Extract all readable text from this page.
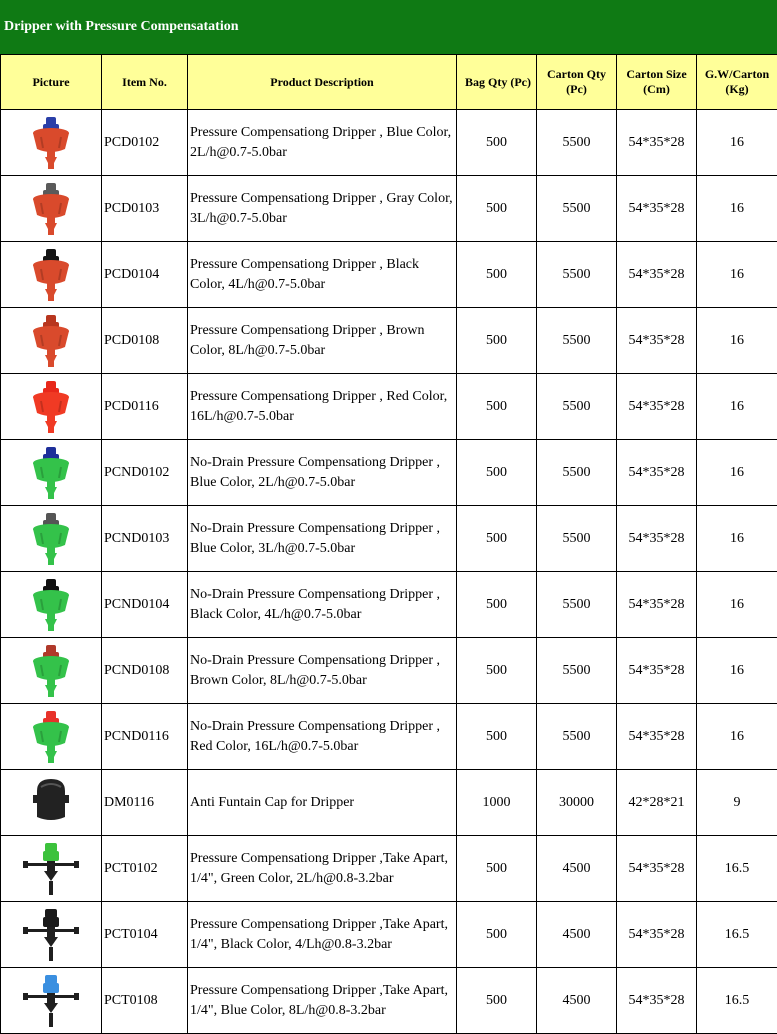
Dripper with Pressure Compensatation
Picture	Item No.	Product Description	Bag Qty (Pc)	Carton Qty (Pc)	Carton Size (Cm)	G.W/Carton (Kg)

	PCD0102	Pressure Compensationg Dripper , Blue Color, 2L/h@0.7-5.0bar	500	5500	54*35*28	16

	PCD0103	Pressure Compensationg Dripper , Gray Color, 3L/h@0.7-5.0bar	500	5500	54*35*28	16

	PCD0104	Pressure Compensationg Dripper , Black Color, 4L/h@0.7-5.0bar	500	5500	54*35*28	16

	PCD0108	Pressure Compensationg Dripper , Brown Color, 8L/h@0.7-5.0bar	500	5500	54*35*28	16

	PCD0116	Pressure Compensationg Dripper , Red Color, 16L/h@0.7-5.0bar	500	5500	54*35*28	16

	PCND0102	No-Drain Pressure Compensationg Dripper , Blue Color, 2L/h@0.7-5.0bar	500	5500	54*35*28	16

	PCND0103	No-Drain Pressure Compensationg Dripper , Blue Color, 3L/h@0.7-5.0bar	500	5500	54*35*28	16

	PCND0104	No-Drain Pressure Compensationg Dripper , Black Color, 4L/h@0.7-5.0bar	500	5500	54*35*28	16

	PCND0108	No-Drain Pressure Compensationg Dripper , Brown Color, 8L/h@0.7-5.0bar	500	5500	54*35*28	16

	PCND0116	No-Drain Pressure Compensationg Dripper , Red Color, 16L/h@0.7-5.0bar	500	5500	54*35*28	16

	DM0116	Anti Funtain Cap for Dripper	1000	30000	42*28*21	9

	PCT0102	Pressure Compensationg Dripper ,Take Apart, 1/4", Green Color, 2L/h@0.8-3.2bar	500	4500	54*35*28	16.5

	PCT0104	Pressure Compensationg Dripper ,Take Apart, 1/4", Black Color, 4/Lh@0.8-3.2bar	500	4500	54*35*28	16.5

	PCT0108	Pressure Compensationg Dripper ,Take Apart, 1/4", Blue Color, 8L/h@0.8-3.2bar	500	4500	54*35*28	16.5
